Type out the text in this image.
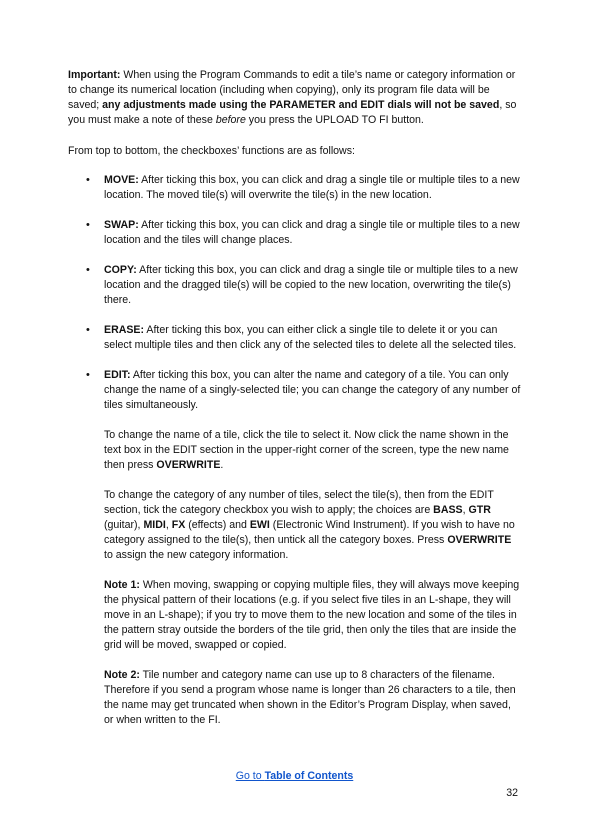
Important: When using the Program Commands to edit a tile’s name or category information or to change its numerical location (including when copying), only its program file data will be saved; any adjustments made using the PARAMETER and EDIT dials will not be saved, so you must make a note of these before you press the UPLOAD TO FI button.

From top to bottom, the checkboxes’ functions are as follows:

• MOVE: After ticking this box, you can click and drag a single tile or multiple tiles to a new location. The moved tile(s) will overwrite the tile(s) in the new location.
• SWAP: After ticking this box, you can click and drag a single tile or multiple tiles to a new location and the tiles will change places.
• COPY: After ticking this box, you can click and drag a single tile or multiple tiles to a new location and the dragged tile(s) will be copied to the new location, overwriting the tile(s) there.
• ERASE: After ticking this box, you can either click a single tile to delete it or you can select multiple tiles and then click any of the selected tiles to delete all the selected tiles.
• EDIT: After ticking this box, you can alter the name and category of a tile. You can only change the name of a singly-selected tile; you can change the category of any number of tiles simultaneously.

To change the name of a tile, click the tile to select it. Now click the name shown in the text box in the EDIT section in the upper-right corner of the screen, type the new name then press OVERWRITE.

To change the category of any number of tiles, select the tile(s), then from the EDIT section, tick the category checkbox you wish to apply; the choices are BASS, GTR (guitar), MIDI, FX (effects) and EWI (Electronic Wind Instrument). If you wish to have no category assigned to the tile(s), then untick all the category boxes. Press OVERWRITE to assign the new category information.

Note 1: When moving, swapping or copying multiple files, they will always move keeping the physical pattern of their locations (e.g. if you select five tiles in an L-shape, they will move in an L-shape); if you try to move them to the new location and some of the tiles in the pattern stray outside the borders of the tile grid, then only the tiles that are inside the grid will be moved, swapped or copied.

Note 2: Tile number and category name can use up to 8 characters of the filename. Therefore if you send a program whose name is longer than 26 characters to a tile, then the name may get truncated when shown in the Editor’s Program Display, when saved, or when written to the FI.

Go to Table of Contents
32
